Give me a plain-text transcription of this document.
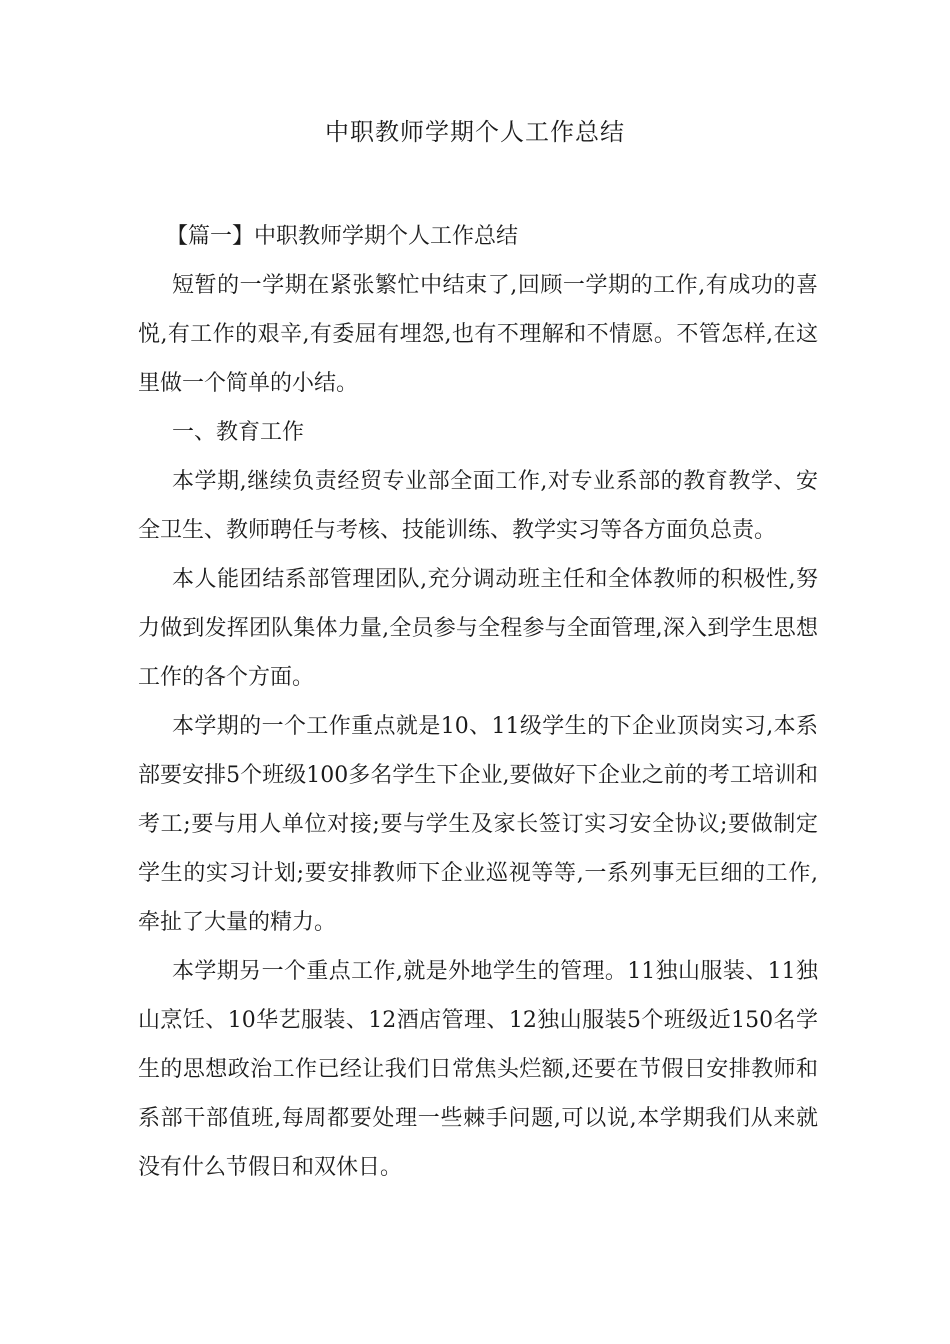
中职教师学期个人工作总结

【篇一】中职教师学期个人工作总结

短暂的一学期在紧张繁忙中结束了,回顾一学期的工作,有成功的喜悦,有工作的艰辛,有委屈有埋怨,也有不理解和不情愿。不管怎样,在这里做一个简单的小结。

一、教育工作

本学期,继续负责经贸专业部全面工作,对专业系部的教育教学、安全卫生、教师聘任与考核、技能训练、教学实习等各方面负总责。

本人能团结系部管理团队,充分调动班主任和全体教师的积极性,努力做到发挥团队集体力量,全员参与全程参与全面管理,深入到学生思想工作的各个方面。

本学期的一个工作重点就是10、11级学生的下企业顶岗实习,本系部要安排5个班级100多名学生下企业,要做好下企业之前的考工培训和考工;要与用人单位对接;要与学生及家长签订实习安全协议;要做制定学生的实习计划;要安排教师下企业巡视等等,一系列事无巨细的工作,牵扯了大量的精力。

本学期另一个重点工作,就是外地学生的管理。11独山服装、11独山烹饪、10华艺服装、12酒店管理、12独山服装5个班级近150名学生的思想政治工作已经让我们日常焦头烂额,还要在节假日安排教师和系部干部值班,每周都要处理一些棘手问题,可以说,本学期我们从来就没有什么节假日和双休日。
